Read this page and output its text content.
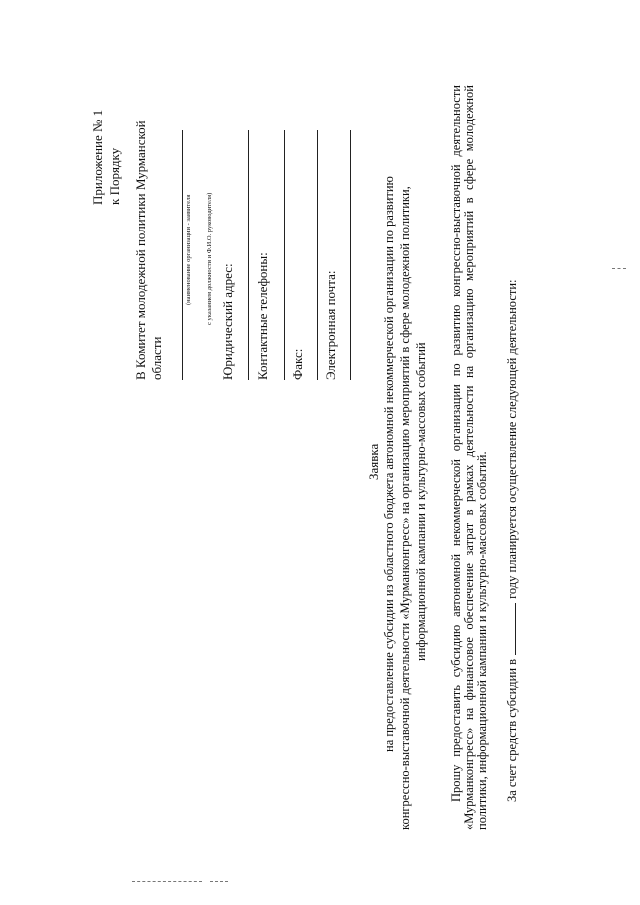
Приложение № 1 к Порядку В Комитет молодежной политики Мурманской области
(наименование организации - заявителя с указанием должности и Ф.И.О. руководителя) Юридический адрес: Контактные телефоны: Факс: Электронная почта:
Заявка на предоставление субсидии из областного бюджета автономной некоммерческой организации по развитию конгрессно-выставочной деятельности «Мурманконгресс» на организацию мероприятий в сфере молодежной политики, информационной кампании и культурно-массовых событий Прошу предоставить субсидию автономной некоммерческой организации по развитию конгрессно-выставочной деятельности «Мурманконгресс» на финансовое обеспечение затрат в рамках деятельности на организацию мероприятий в сфере молодежной политики, информационной кампании и культурно-массовых событий. За счет средств субсидии вгоду планируется осуществление следующей деятельности:
